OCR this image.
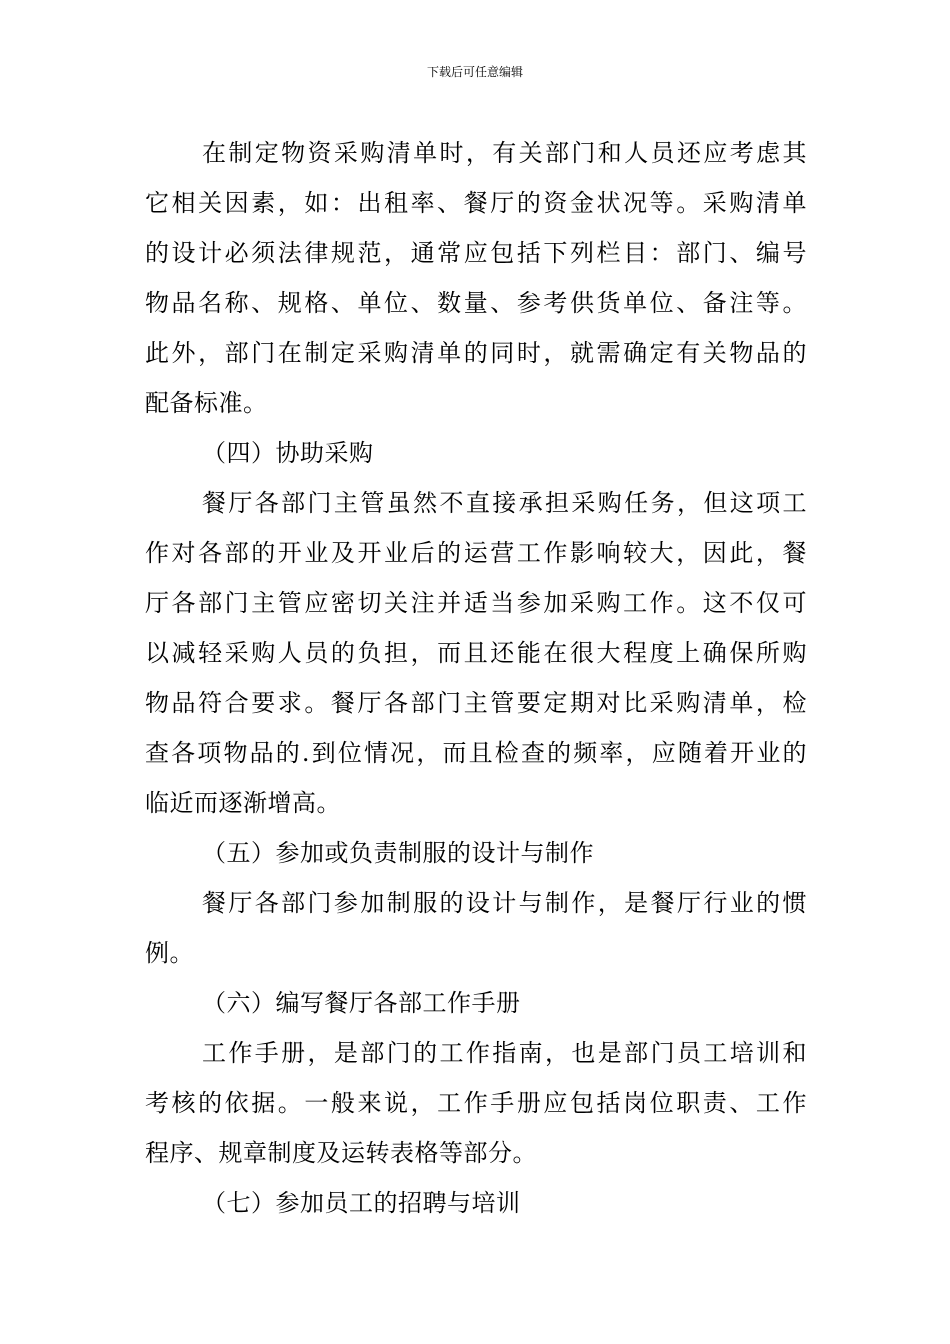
下载后可任意编辑
在制定物资采购清单时，有关部门和人员还应考虑其
它相关因素，如：出租率、餐厅的资金状况等。采购清单
的设计必须法律规范，通常应包括下列栏目：部门、编号
物品名称、规格、单位、数量、参考供货单位、备注等。
此外，部门在制定采购清单的同时，就需确定有关物品的
配备标准。
（四）协助采购
餐厅各部门主管虽然不直接承担采购任务，但这项工
作对各部的开业及开业后的运营工作影响较大，因此，餐
厅各部门主管应密切关注并适当参加采购工作。这不仅可
以减轻采购人员的负担，而且还能在很大程度上确保所购
物品符合要求。餐厅各部门主管要定期对比采购清单，检
查各项物品的.到位情况，而且检查的频率，应随着开业的
临近而逐渐增高。
（五）参加或负责制服的设计与制作
餐厅各部门参加制服的设计与制作，是餐厅行业的惯
例。
（六）编写餐厅各部工作手册
工作手册，是部门的工作指南，也是部门员工培训和
考核的依据。一般来说，工作手册应包括岗位职责、工作
程序、规章制度及运转表格等部分。
（七）参加员工的招聘与培训
